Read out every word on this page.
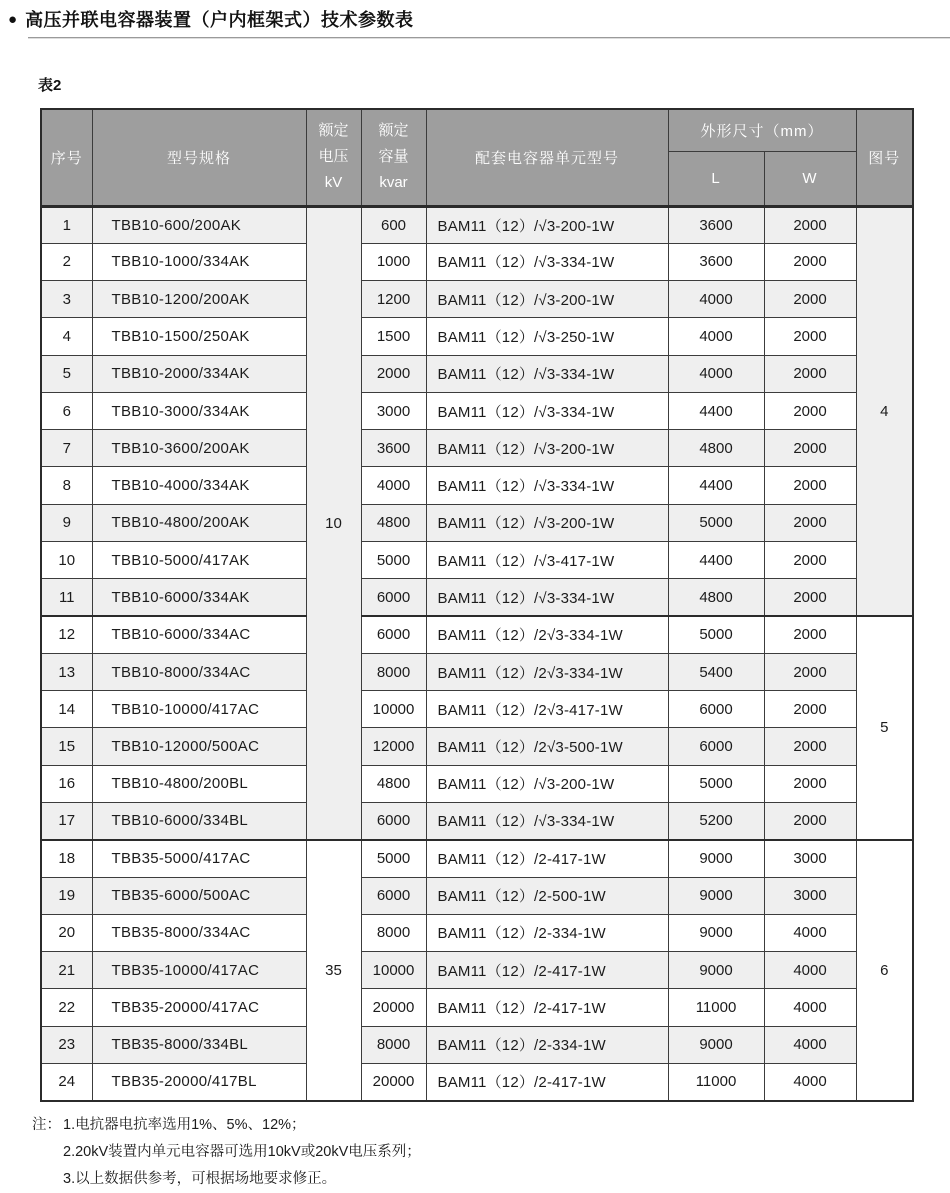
● 高压并联电容器装置（户内框架式）技术参数表
表2
序号	型号规格	额定
电压
kV	额定
容量
kvar	配套电容器单元型号	外形尺寸（mm）		图号
					L	W	
1	TBB10-600/200AK	10	600	BAM11（12）/√3-200-1W	3600	2000	4
2	TBB10-1000/334AK		1000	BAM11（12）/√3-334-1W	3600	2000	
3	TBB10-1200/200AK		1200	BAM11（12）/√3-200-1W	4000	2000	
4	TBB10-1500/250AK		1500	BAM11（12）/√3-250-1W	4000	2000	
5	TBB10-2000/334AK		2000	BAM11（12）/√3-334-1W	4000	2000	
6	TBB10-3000/334AK		3000	BAM11（12）/√3-334-1W	4400	2000	
7	TBB10-3600/200AK		3600	BAM11（12）/√3-200-1W	4800	2000	
8	TBB10-4000/334AK		4000	BAM11（12）/√3-334-1W	4400	2000	
9	TBB10-4800/200AK		4800	BAM11（12）/√3-200-1W	5000	2000	
10	TBB10-5000/417AK		5000	BAM11（12）/√3-417-1W	4400	2000	
11	TBB10-6000/334AK		6000	BAM11（12）/√3-334-1W	4800	2000	
12	TBB10-6000/334AC		6000	BAM11（12）/2√3-334-1W	5000	2000	5
13	TBB10-8000/334AC		8000	BAM11（12）/2√3-334-1W	5400	2000	
14	TBB10-10000/417AC		10000	BAM11（12）/2√3-417-1W	6000	2000	
15	TBB10-12000/500AC		12000	BAM11（12）/2√3-500-1W	6000	2000	
16	TBB10-4800/200BL		4800	BAM11（12）/√3-200-1W	5000	2000	
17	TBB10-6000/334BL		6000	BAM11（12）/√3-334-1W	5200	2000	
18	TBB35-5000/417AC	35	5000	BAM11（12）/2-417-1W	9000	3000	6
19	TBB35-6000/500AC		6000	BAM11（12）/2-500-1W	9000	3000	
20	TBB35-8000/334AC		8000	BAM11（12）/2-334-1W	9000	4000	
21	TBB35-10000/417AC		10000	BAM11（12）/2-417-1W	9000	4000	
22	TBB35-20000/417AC		20000	BAM11（12）/2-417-1W	11000	4000	
23	TBB35-8000/334BL		8000	BAM11（12）/2-334-1W	9000	4000	
24	TBB35-20000/417BL		20000	BAM11（12）/2-417-1W	11000	4000	
注： 1.电抗器电抗率选用1%、5%、12%；
2.20kV装置内单元电容器可选用10kV或20kV电压系列；
3.以上数据供参考，可根据场地要求修正。
